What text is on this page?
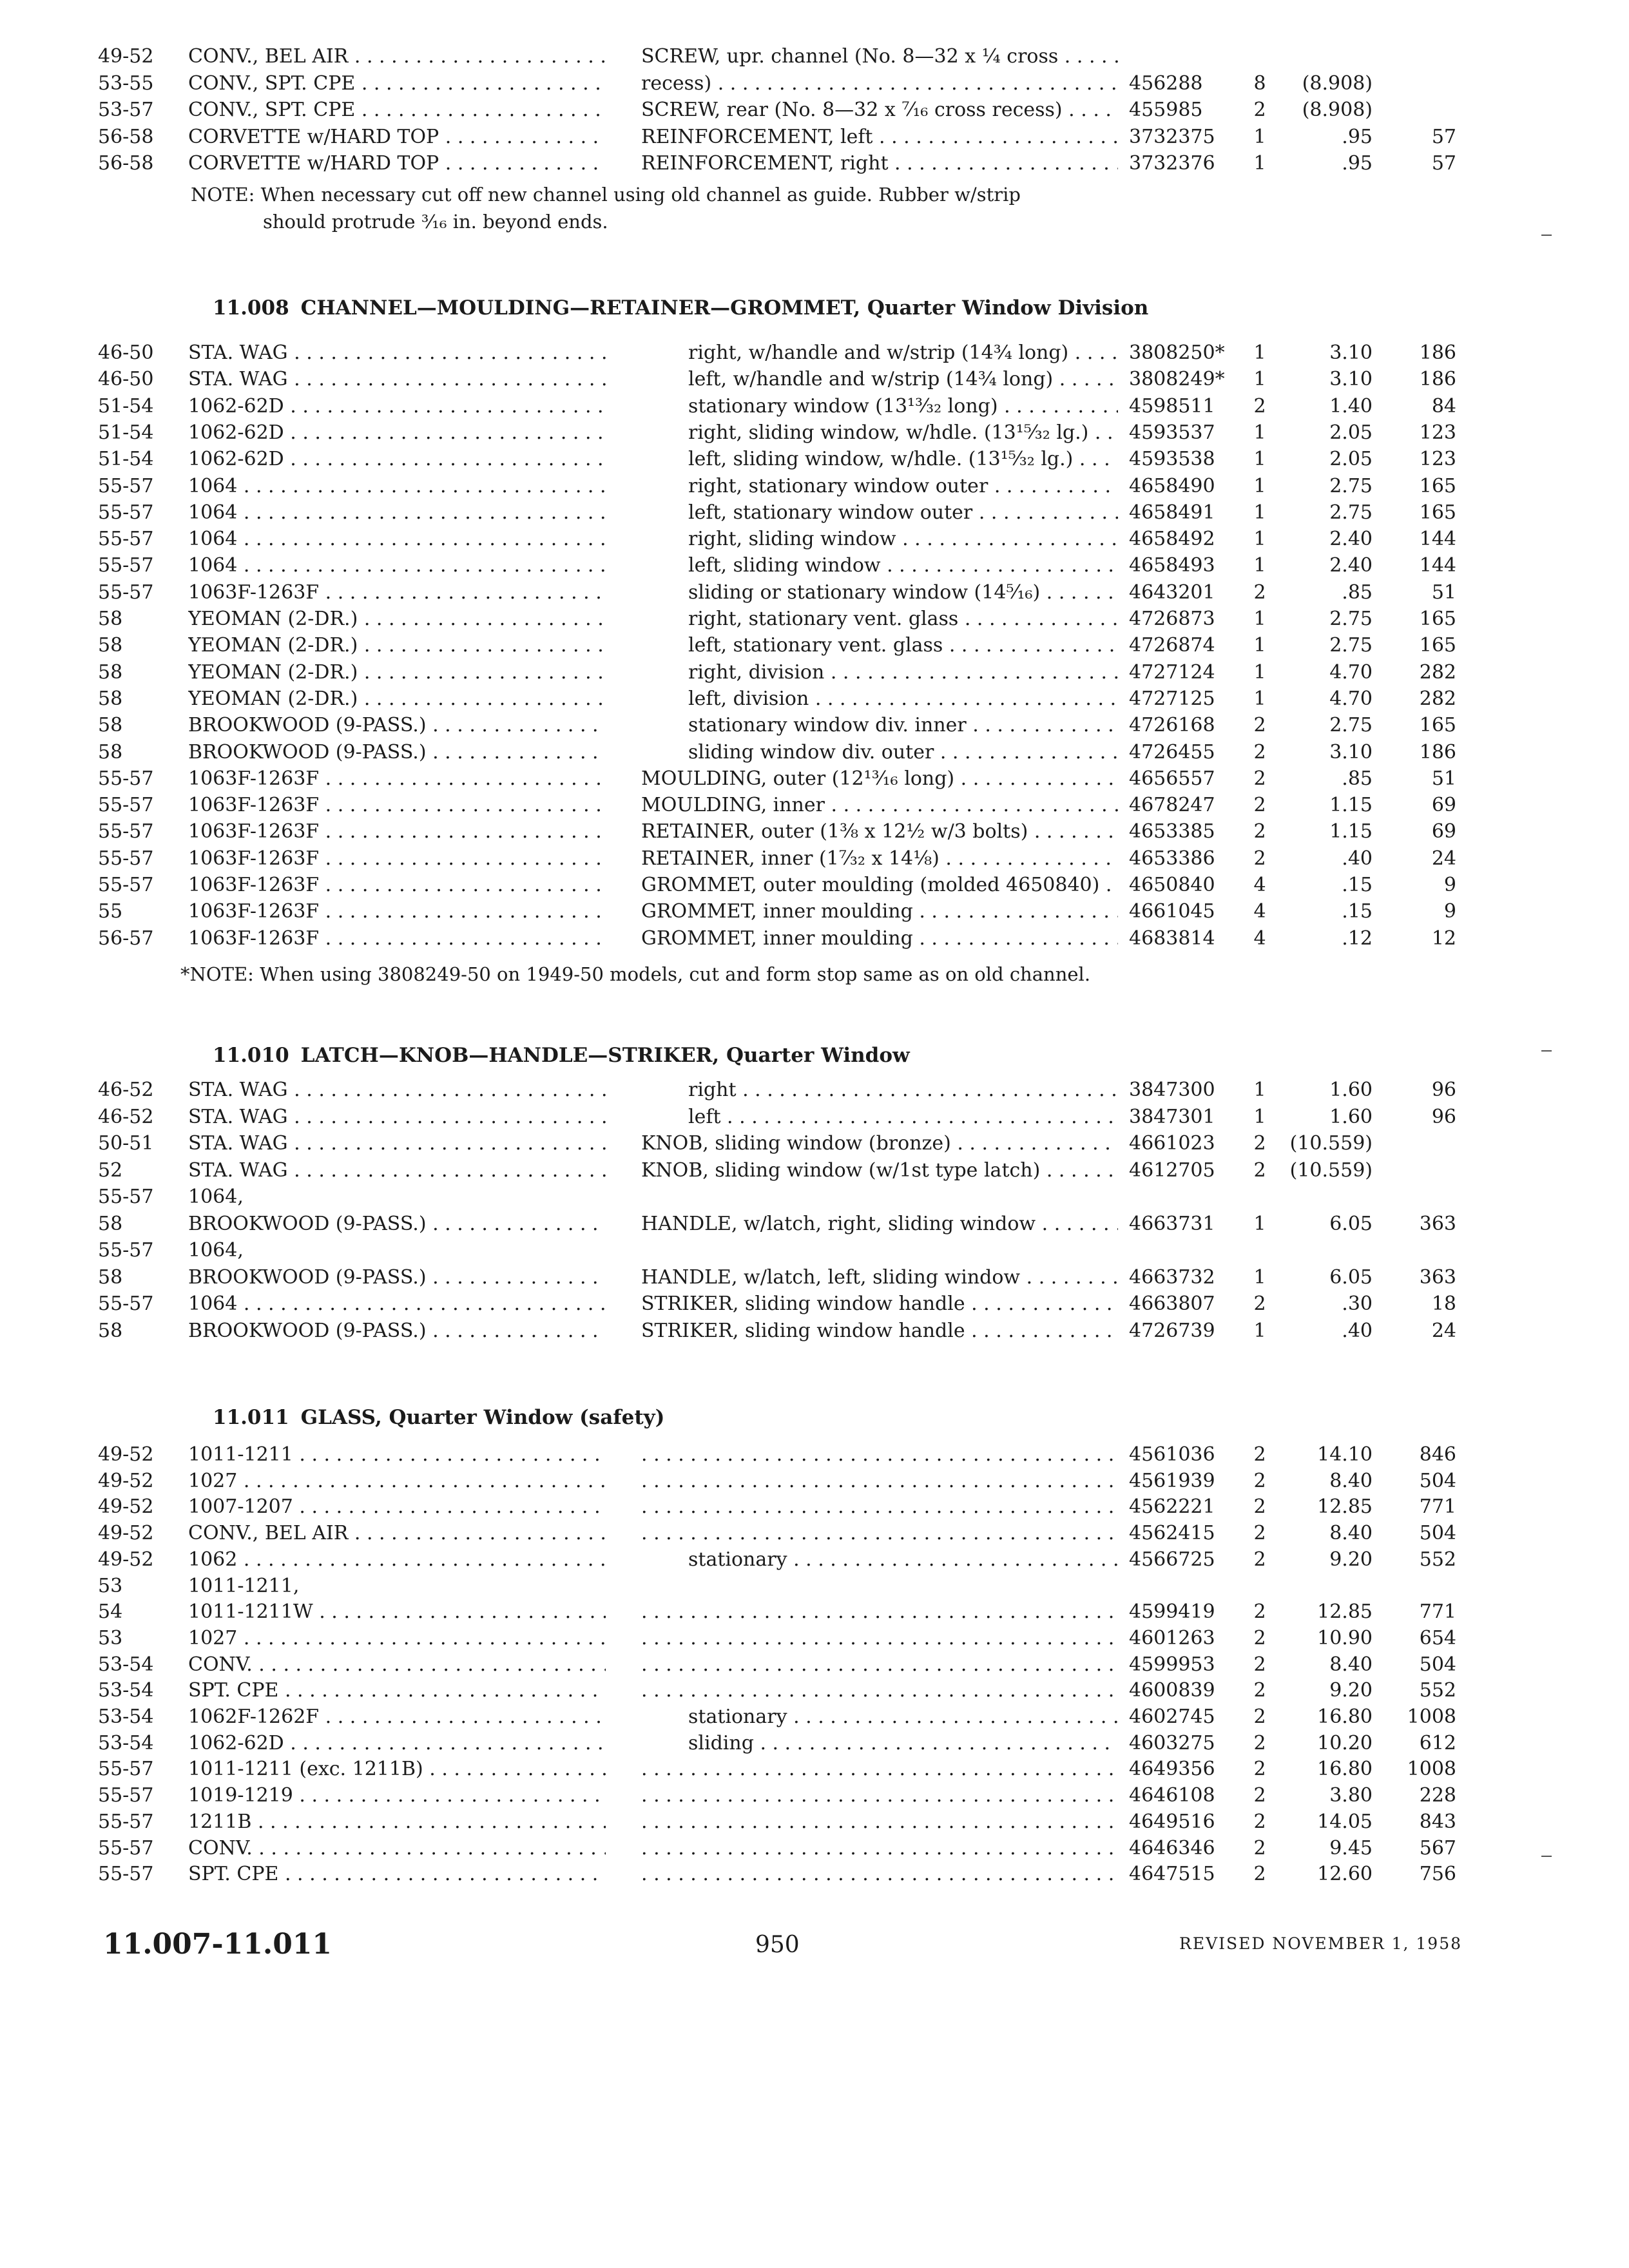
49-52	CONV., BEL AIR . . .	SCREW, upr. channel (No. 8—32 x ¼ cross . . .
53-55	CONV., SPT. CPE . . .	recess) . . .	456288	8	(8.908)
53-57	CONV., SPT. CPE . . .	SCREW, rear (No. 8—32 x ⁷⁄₁₆ cross recess) . . .	455985	2	(8.908)
56-58	CORVETTE w/HARD TOP . . .	REINFORCEMENT, left . . .	3732375	1	.95	57
56-58	CORVETTE w/HARD TOP . . .	REINFORCEMENT, right . . .	3732376	1	.95	57
NOTE: When necessary cut off new channel using old channel as guide. Rubber w/strip
should protrude ³⁄₁₆ in. beyond ends.
11.008 CHANNEL—MOULDING—RETAINER—GROMMET, Quarter Window Division
46-50	STA. WAG . . .	right, w/handle and w/strip (14¾ long) . . .	3808250*	1	3.10	186
46-50	STA. WAG . . .	left, w/handle and w/strip (14¾ long) . . .	3808249*	1	3.10	186
51-54	1062-62D . . .	stationary window (13¹³⁄₃₂ long) . . .	4598511	2	1.40	84
51-54	1062-62D . . .	right, sliding window, w/hdle. (13¹⁵⁄₃₂ lg.) . . .	4593537	1	2.05	123
51-54	1062-62D . . .	left, sliding window, w/hdle. (13¹⁵⁄₃₂ lg.) . . .	4593538	1	2.05	123
55-57	1064 . . .	right, stationary window outer . . .	4658490	1	2.75	165
55-57	1064 . . .	left, stationary window outer . . .	4658491	1	2.75	165
55-57	1064 . . .	right, sliding window . . .	4658492	1	2.40	144
55-57	1064 . . .	left, sliding window . . .	4658493	1	2.40	144
55-57	1063F-1263F . . .	sliding or stationary window (14⁵⁄₁₆) . . .	4643201	2	.85	51
58	YEOMAN (2-DR.) . . .	right, stationary vent. glass . . .	4726873	1	2.75	165
58	YEOMAN (2-DR.) . . .	left, stationary vent. glass . . .	4726874	1	2.75	165
58	YEOMAN (2-DR.) . . .	right, division . . .	4727124	1	4.70	282
58	YEOMAN (2-DR.) . . .	left, division . . .	4727125	1	4.70	282
58	BROOKWOOD (9-PASS.) . . .	stationary window div. inner . . .	4726168	2	2.75	165
58	BROOKWOOD (9-PASS.) . . .	sliding window div. outer . . .	4726455	2	3.10	186
55-57	1063F-1263F . . .	MOULDING, outer (12¹³⁄₁₆ long) . . .	4656557	2	.85	51
55-57	1063F-1263F . . .	MOULDING, inner . . .	4678247	2	1.15	69
55-57	1063F-1263F . . .	RETAINER, outer (1⅜ x 12½ w/3 bolts) . . .	4653385	2	1.15	69
55-57	1063F-1263F . . .	RETAINER, inner (1⁷⁄₃₂ x 14⅛) . . .	4653386	2	.40	24
55-57	1063F-1263F . . .	GROMMET, outer moulding (molded 4650840) . . .	4650840	4	.15	9
55	1063F-1263F . . .	GROMMET, inner moulding . . .	4661045	4	.15	9
56-57	1063F-1263F . . .	GROMMET, inner moulding . . .	4683814	4	.12	12
*NOTE: When using 3808249-50 on 1949-50 models, cut and form stop same as on old channel.
11.010 LATCH—KNOB—HANDLE—STRIKER, Quarter Window
46-52	STA. WAG . . .	right . . .	3847300	1	1.60	96
46-52	STA. WAG . . .	left . . .	3847301	1	1.60	96
50-51	STA. WAG . . .	KNOB, sliding window (bronze) . . .	4661023	2	(10.559)
52	STA. WAG . . .	KNOB, sliding window (w/1st type latch) . . .	4612705	2	(10.559)
55-57	1064,
58	BROOKWOOD (9-PASS.) . . .	HANDLE, w/latch, right, sliding window . . .	4663731	1	6.05	363
55-57	1064,
58	BROOKWOOD (9-PASS.) . . .	HANDLE, w/latch, left, sliding window . . .	4663732	1	6.05	363
55-57	1064 . . .	STRIKER, sliding window handle . . .	4663807	2	.30	18
58	BROOKWOOD (9-PASS.) . . .	STRIKER, sliding window handle . . .	4726739	1	.40	24
11.011 GLASS, Quarter Window (safety)
49-52	1011-1211 . . . . . .	4561036	2	14.10	846
49-52	1027 . . . . . .	4561939	2	8.40	504
49-52	1007-1207 . . . . . .	4562221	2	12.85	771
49-52	CONV., BEL AIR . . . . . .	4562415	2	8.40	504
49-52	1062 . . .	stationary . . .	4566725	2	9.20	552
53	1011-1211,
54	1011-1211W . . . . . .	4599419	2	12.85	771
53	1027 . . . . . .	4601263	2	10.90	654
53-54	CONV. . . . . . .	4599953	2	8.40	504
53-54	SPT. CPE . . . . . .	4600839	2	9.20	552
53-54	1062F-1262F . . .	stationary . . .	4602745	2	16.80	1008
53-54	1062-62D . . .	sliding . . .	4603275	2	10.20	612
55-57	1011-1211 (exc. 1211B) . . . . . .	4649356	2	16.80	1008
55-57	1019-1219 . . . . . .	4646108	2	3.80	228
55-57	1211B . . . . . .	4649516	2	14.05	843
55-57	CONV. . . . . . .	4646346	2	9.45	567
55-57	SPT. CPE . . . . . .	4647515	2	12.60	756
11.007-11.011	950	REVISED NOVEMBER 1, 1958
